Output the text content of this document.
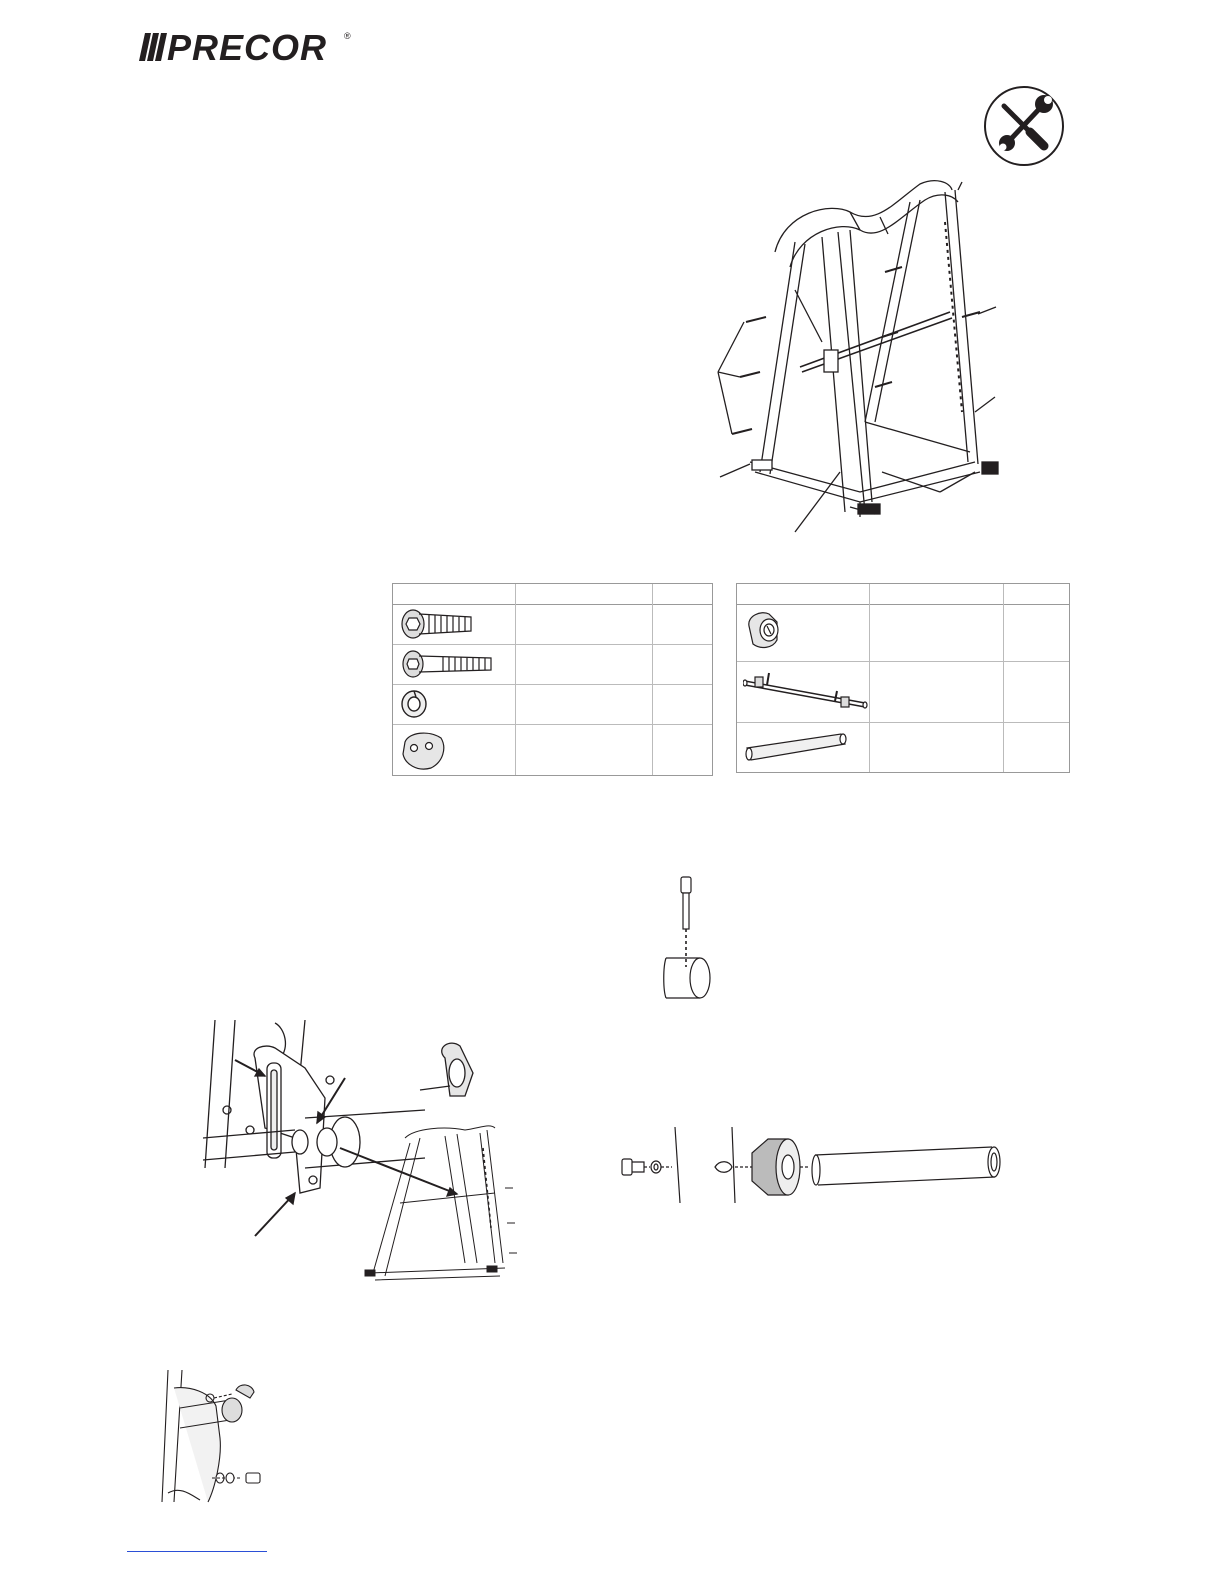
PRECOR ®
